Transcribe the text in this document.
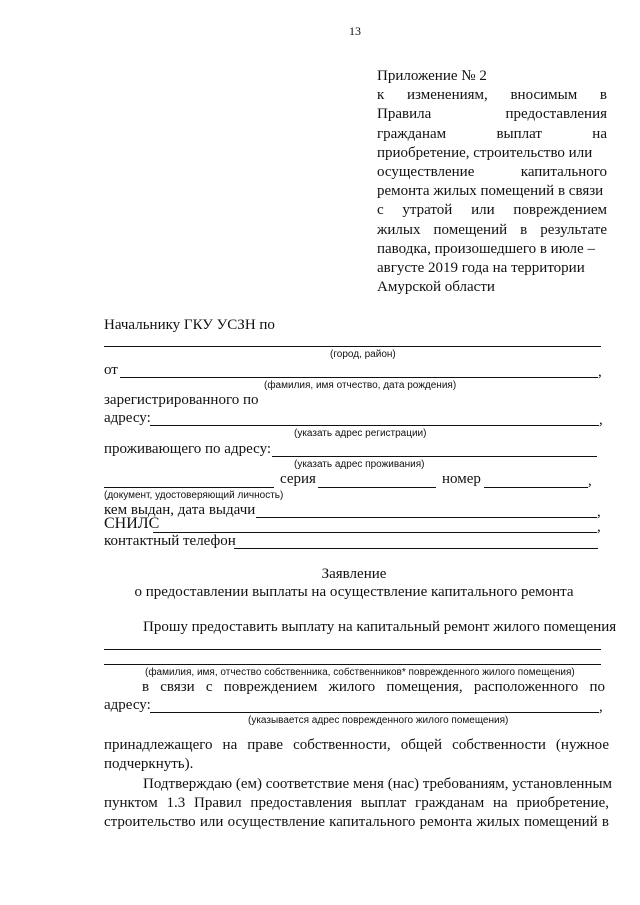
13
Приложение № 2
к изменениям, вносимым в
Правила предоставления
гражданам выплат на
приобретение, строительство или
осуществление капитального
ремонта жилых помещений в связи
с утратой или повреждением
жилых помещений в результате
паводка, произошедшего в июле –
августе 2019 года на территории
Амурской области
Начальнику ГКУ УСЗН по
(город, район)
от	,
(фамилия, имя отчество, дата рождения)
зарегистрированного по
адресу:	,
(указать адрес регистрации)
проживающего по адресу:
(указать адрес проживания)
серия	номер	,
(документ, удостоверяющий личность)
кем выдан, дата выдачи	,
СНИЛС	,
контактный телефон
Заявление
о предоставлении выплаты на осуществление капитального ремонта
Прошу предоставить выплату на капитальный ремонт жилого помещения
(фамилия, имя, отчество собственника, собственников* поврежденного жилого помещения)
в связи с повреждением жилого помещения, расположенного по
адресу:	,
(указывается адрес поврежденного жилого помещения)
принадлежащего на праве собственности, общей собственности (нужное подчеркнуть).
Подтверждаю (ем) соответствие меня (нас) требованиям, установленным
пунктом 1.3 Правил предоставления выплат гражданам на приобретение,
строительство или осуществление капитального ремонта жилых помещений в
